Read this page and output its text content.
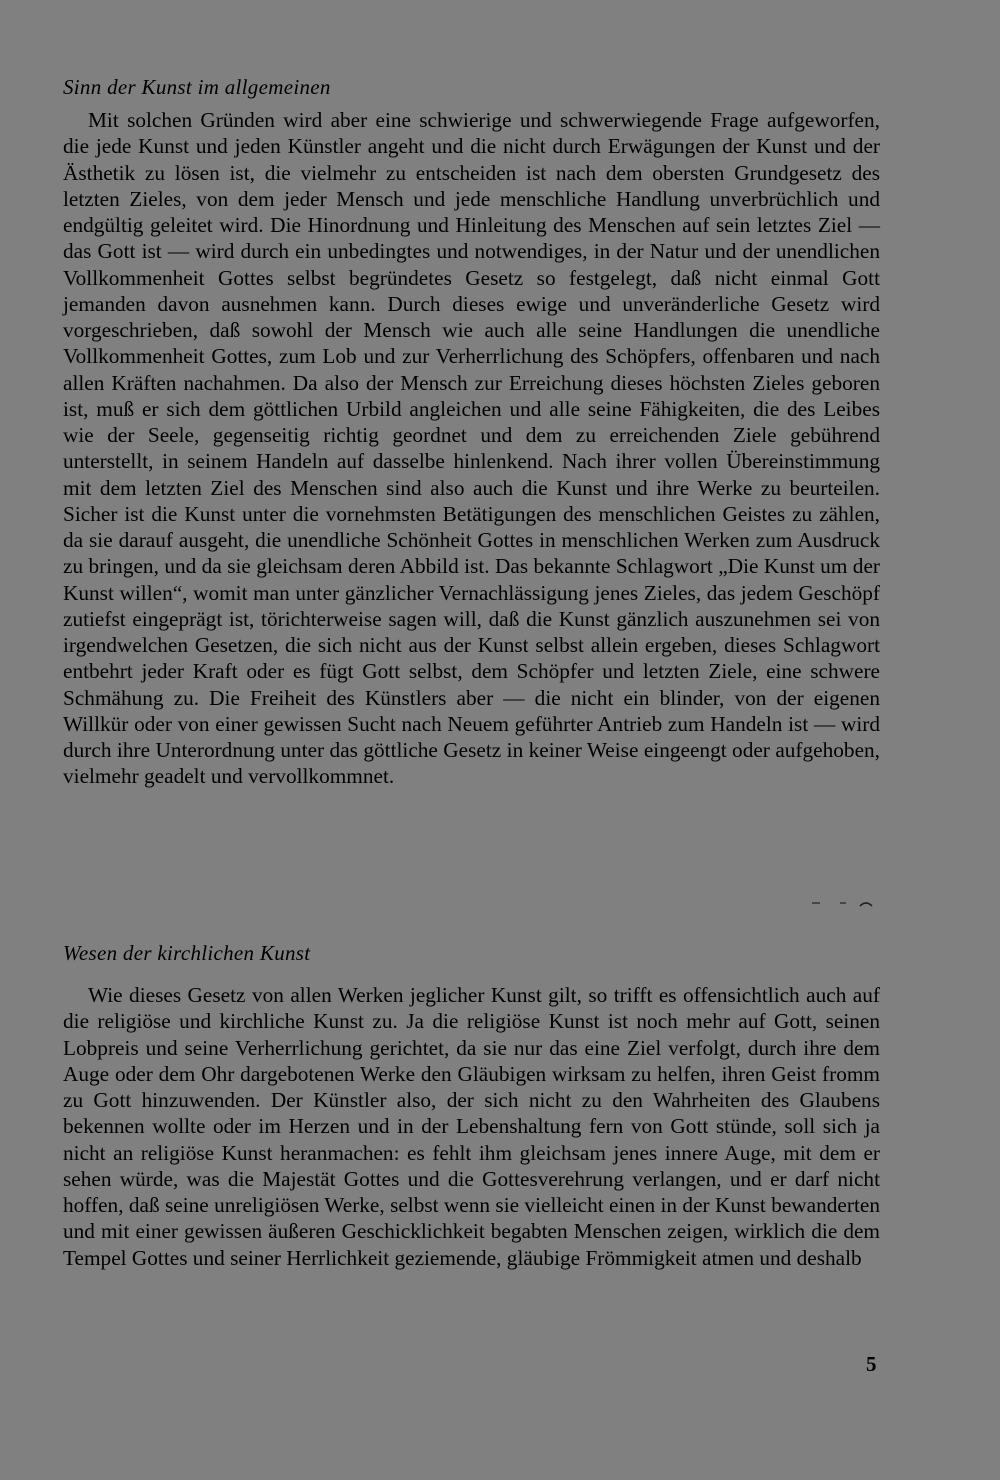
Sinn der Kunst im allgemeinen

Mit solchen Gründen wird aber eine schwierige und schwerwiegende Frage aufgeworfen, die jede Kunst und jeden Künstler angeht und die nicht durch Erwägungen der Kunst und der Ästhetik zu lösen ist, die vielmehr zu entscheiden ist nach dem obersten Grundgesetz des letzten Zieles, von dem jeder Mensch und jede menschliche Handlung unverbrüchlich und endgültig geleitet wird. Die Hinordnung und Hinleitung des Menschen auf sein letztes Ziel — das Gott ist — wird durch ein unbedingtes und notwendiges, in der Natur und der unendlichen Vollkommenheit Gottes selbst begründetes Gesetz so festgelegt, daß nicht einmal Gott jemanden davon ausnehmen kann. Durch dieses ewige und unveränderliche Gesetz wird vorgeschrieben, daß sowohl der Mensch wie auch alle seine Handlungen die unendliche Vollkommenheit Gottes, zum Lob und zur Verherrlichung des Schöpfers, offenbaren und nach allen Kräften nachahmen. Da also der Mensch zur Erreichung dieses höchsten Zieles geboren ist, muß er sich dem göttlichen Urbild angleichen und alle seine Fähigkeiten, die des Leibes wie der Seele, gegenseitig richtig geordnet und dem zu erreichenden Ziele gebührend unterstellt, in seinem Handeln auf dasselbe hinlenkend. Nach ihrer vollen Übereinstimmung mit dem letzten Ziel des Menschen sind also auch die Kunst und ihre Werke zu beurteilen. Sicher ist die Kunst unter die vornehmsten Betätigungen des menschlichen Geistes zu zählen, da sie darauf ausgeht, die unendliche Schönheit Gottes in menschlichen Werken zum Ausdruck zu bringen, und da sie gleichsam deren Abbild ist. Das bekannte Schlagwort „Die Kunst um der Kunst willen“, womit man unter gänzlicher Vernachlässigung jenes Zieles, das jedem Geschöpf zutiefst eingeprägt ist, törichterweise sagen will, daß die Kunst gänzlich auszunehmen sei von irgendwelchen Gesetzen, die sich nicht aus der Kunst selbst allein ergeben, dieses Schlagwort entbehrt jeder Kraft oder es fügt Gott selbst, dem Schöpfer und letzten Ziele, eine schwere Schmähung zu. Die Freiheit des Künstlers aber — die nicht ein blinder, von der eigenen Willkür oder von einer gewissen Sucht nach Neuem geführter Antrieb zum Handeln ist — wird durch ihre Unterordnung unter das göttliche Gesetz in keiner Weise eingeengt oder aufgehoben, vielmehr geadelt und vervollkommnet.

Wesen der kirchlichen Kunst

Wie dieses Gesetz von allen Werken jeglicher Kunst gilt, so trifft es offensichtlich auch auf die religiöse und kirchliche Kunst zu. Ja die religiöse Kunst ist noch mehr auf Gott, seinen Lobpreis und seine Verherrlichung gerichtet, da sie nur das eine Ziel verfolgt, durch ihre dem Auge oder dem Ohr dargebotenen Werke den Gläubigen wirksam zu helfen, ihren Geist fromm zu Gott hinzuwenden. Der Künstler also, der sich nicht zu den Wahrheiten des Glaubens bekennen wollte oder im Herzen und in der Lebenshaltung fern von Gott stünde, soll sich ja nicht an religiöse Kunst heranmachen: es fehlt ihm gleichsam jenes innere Auge, mit dem er sehen würde, was die Majestät Gottes und die Gottesverehrung verlangen, und er darf nicht hoffen, daß seine unreligiösen Werke, selbst wenn sie vielleicht einen in der Kunst bewanderten und mit einer gewissen äußeren Geschicklichkeit begabten Menschen zeigen, wirklich die dem Tempel Gottes und seiner Herrlichkeit geziemende, gläubige Frömmigkeit atmen und deshalb

5
